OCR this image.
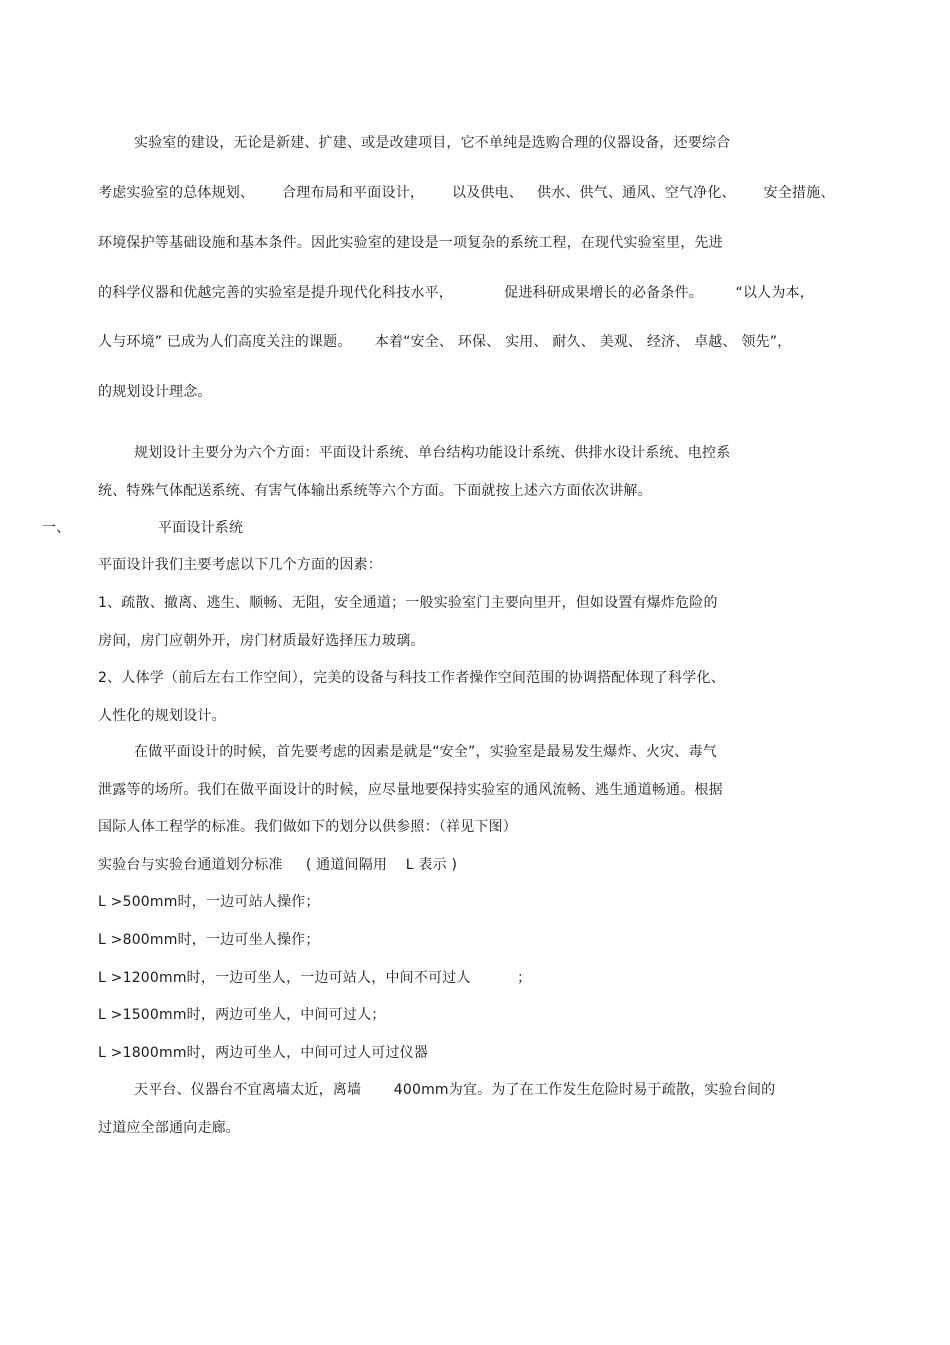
实验室的建设，无论是新建、扩建、或是改建项目，它不单纯是选购合理的仪器设备，还要综合
考虑实验室的总体规划、      合理布局和平面设计，      以及供电、   供水、供气、通风、空气净化、      安全措施、
环境保护等基础设施和基本条件。因此实验室的建设是一项复杂的系统工程，在现代实验室里，先进
的科学仪器和优越完善的实验室是提升现代化科技水平，           促进科研成果增长的必备条件。       “以人为本，
人与环境” 已成为人们高度关注的课题。     本着“安全、 环保、 实用、 耐久、 美观、 经济、 卓越、 领先”，
的规划设计理念。
规划设计主要分为六个方面：平面设计系统、单台结构功能设计系统、供排水设计系统、电控系
统、特殊气体配送系统、有害气体输出系统等六个方面。下面就按上述六方面依次讲解。
一、	平面设计系统
平面设计我们主要考虑以下几个方面的因素：
1、疏散、撤离、逃生、顺畅、无阻，安全通道；一般实验室门主要向里开，但如设置有爆炸危险的
房间，房门应朝外开，房门材质最好选择压力玻璃。
2、人体学（前后左右工作空间），完美的设备与科技工作者操作空间范围的协调搭配体现了科学化、
人性化的规划设计。
在做平面设计的时候，首先要考虑的因素是就是“安全”，实验室是最易发生爆炸、火灾、毒气
泄露等的场所。我们在做平面设计的时候，应尽量地要保持实验室的通风流畅、逃生通道畅通。根据
国际人体工程学的标准。我们做如下的划分以供参照：（祥见下图）
实验台与实验台通道划分标准     ( 通道间隔用    L 表示 )
L >500mm时，一边可站人操作；
L >800mm时，一边可坐人操作；
L >1200mm时，一边可坐人，一边可站人，中间不可过人          ；
L >1500mm时，两边可坐人，中间可过人；
L >1800mm时，两边可坐人，中间可过人可过仪器
天平台、仪器台不宜离墙太近，离墙       400mm为宜。为了在工作发生危险时易于疏散，实验台间的
过道应全部通向走廊。
